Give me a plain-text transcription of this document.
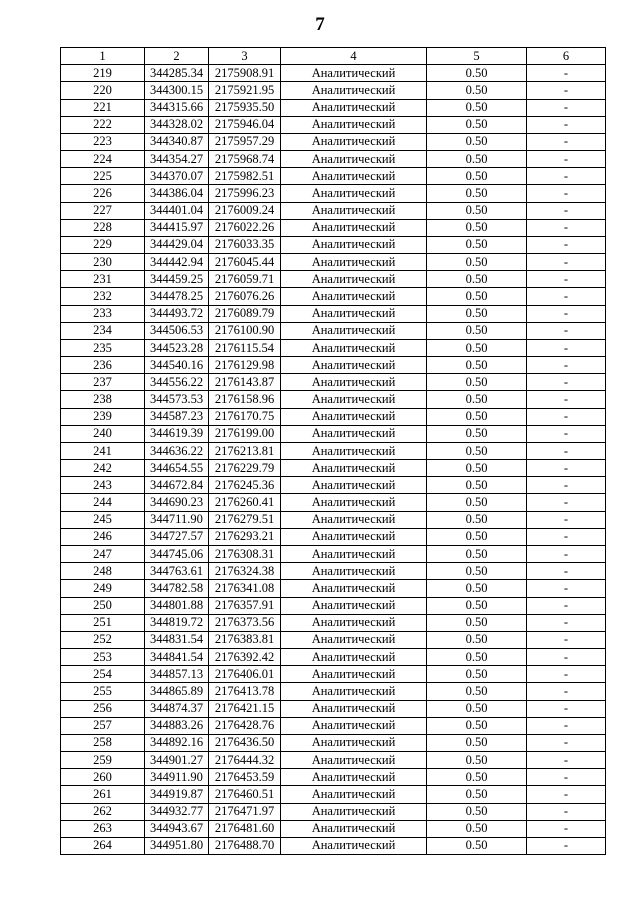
7
1	2	3	4	5	6
219	344285.34	2175908.91	Аналитический	0.50	-
220	344300.15	2175921.95	Аналитический	0.50	-
221	344315.66	2175935.50	Аналитический	0.50	-
222	344328.02	2175946.04	Аналитический	0.50	-
223	344340.87	2175957.29	Аналитический	0.50	-
224	344354.27	2175968.74	Аналитический	0.50	-
225	344370.07	2175982.51	Аналитический	0.50	-
226	344386.04	2175996.23	Аналитический	0.50	-
227	344401.04	2176009.24	Аналитический	0.50	-
228	344415.97	2176022.26	Аналитический	0.50	-
229	344429.04	2176033.35	Аналитический	0.50	-
230	344442.94	2176045.44	Аналитический	0.50	-
231	344459.25	2176059.71	Аналитический	0.50	-
232	344478.25	2176076.26	Аналитический	0.50	-
233	344493.72	2176089.79	Аналитический	0.50	-
234	344506.53	2176100.90	Аналитический	0.50	-
235	344523.28	2176115.54	Аналитический	0.50	-
236	344540.16	2176129.98	Аналитический	0.50	-
237	344556.22	2176143.87	Аналитический	0.50	-
238	344573.53	2176158.96	Аналитический	0.50	-
239	344587.23	2176170.75	Аналитический	0.50	-
240	344619.39	2176199.00	Аналитический	0.50	-
241	344636.22	2176213.81	Аналитический	0.50	-
242	344654.55	2176229.79	Аналитический	0.50	-
243	344672.84	2176245.36	Аналитический	0.50	-
244	344690.23	2176260.41	Аналитический	0.50	-
245	344711.90	2176279.51	Аналитический	0.50	-
246	344727.57	2176293.21	Аналитический	0.50	-
247	344745.06	2176308.31	Аналитический	0.50	-
248	344763.61	2176324.38	Аналитический	0.50	-
249	344782.58	2176341.08	Аналитический	0.50	-
250	344801.88	2176357.91	Аналитический	0.50	-
251	344819.72	2176373.56	Аналитический	0.50	-
252	344831.54	2176383.81	Аналитический	0.50	-
253	344841.54	2176392.42	Аналитический	0.50	-
254	344857.13	2176406.01	Аналитический	0.50	-
255	344865.89	2176413.78	Аналитический	0.50	-
256	344874.37	2176421.15	Аналитический	0.50	-
257	344883.26	2176428.76	Аналитический	0.50	-
258	344892.16	2176436.50	Аналитический	0.50	-
259	344901.27	2176444.32	Аналитический	0.50	-
260	344911.90	2176453.59	Аналитический	0.50	-
261	344919.87	2176460.51	Аналитический	0.50	-
262	344932.77	2176471.97	Аналитический	0.50	-
263	344943.67	2176481.60	Аналитический	0.50	-
264	344951.80	2176488.70	Аналитический	0.50	-
